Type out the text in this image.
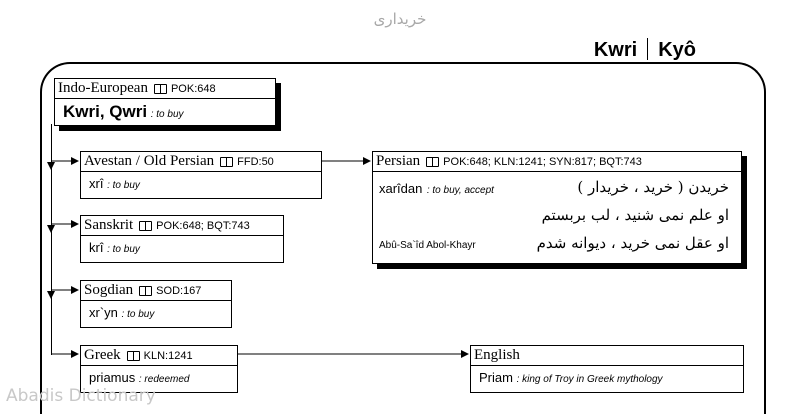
خریداری
Kwri Kyô
Indo-European POK:648
Kwri, Qwri : to buy
Avestan / Old Persian FFD:50
xrî : to buy
Sanskrit POK:648; BQT:743
krî : to buy
Sogdian SOD:167
xr`yn : to buy
Greek KLN:1241
priamus : redeemed
Persian POK:648; KLN:1241; SYN:817; BQT:743
xarîdan : to buy, accept	خریدن ( خرید ، خریدار )
او علم نمی شنید ، لب بربستم
او عقل نمی خرید ، دیوانه شدم
Abû-Sa`îd Abol-Khayr
English
Priam : king of Troy in Greek mythology
Abadis Dictionary
